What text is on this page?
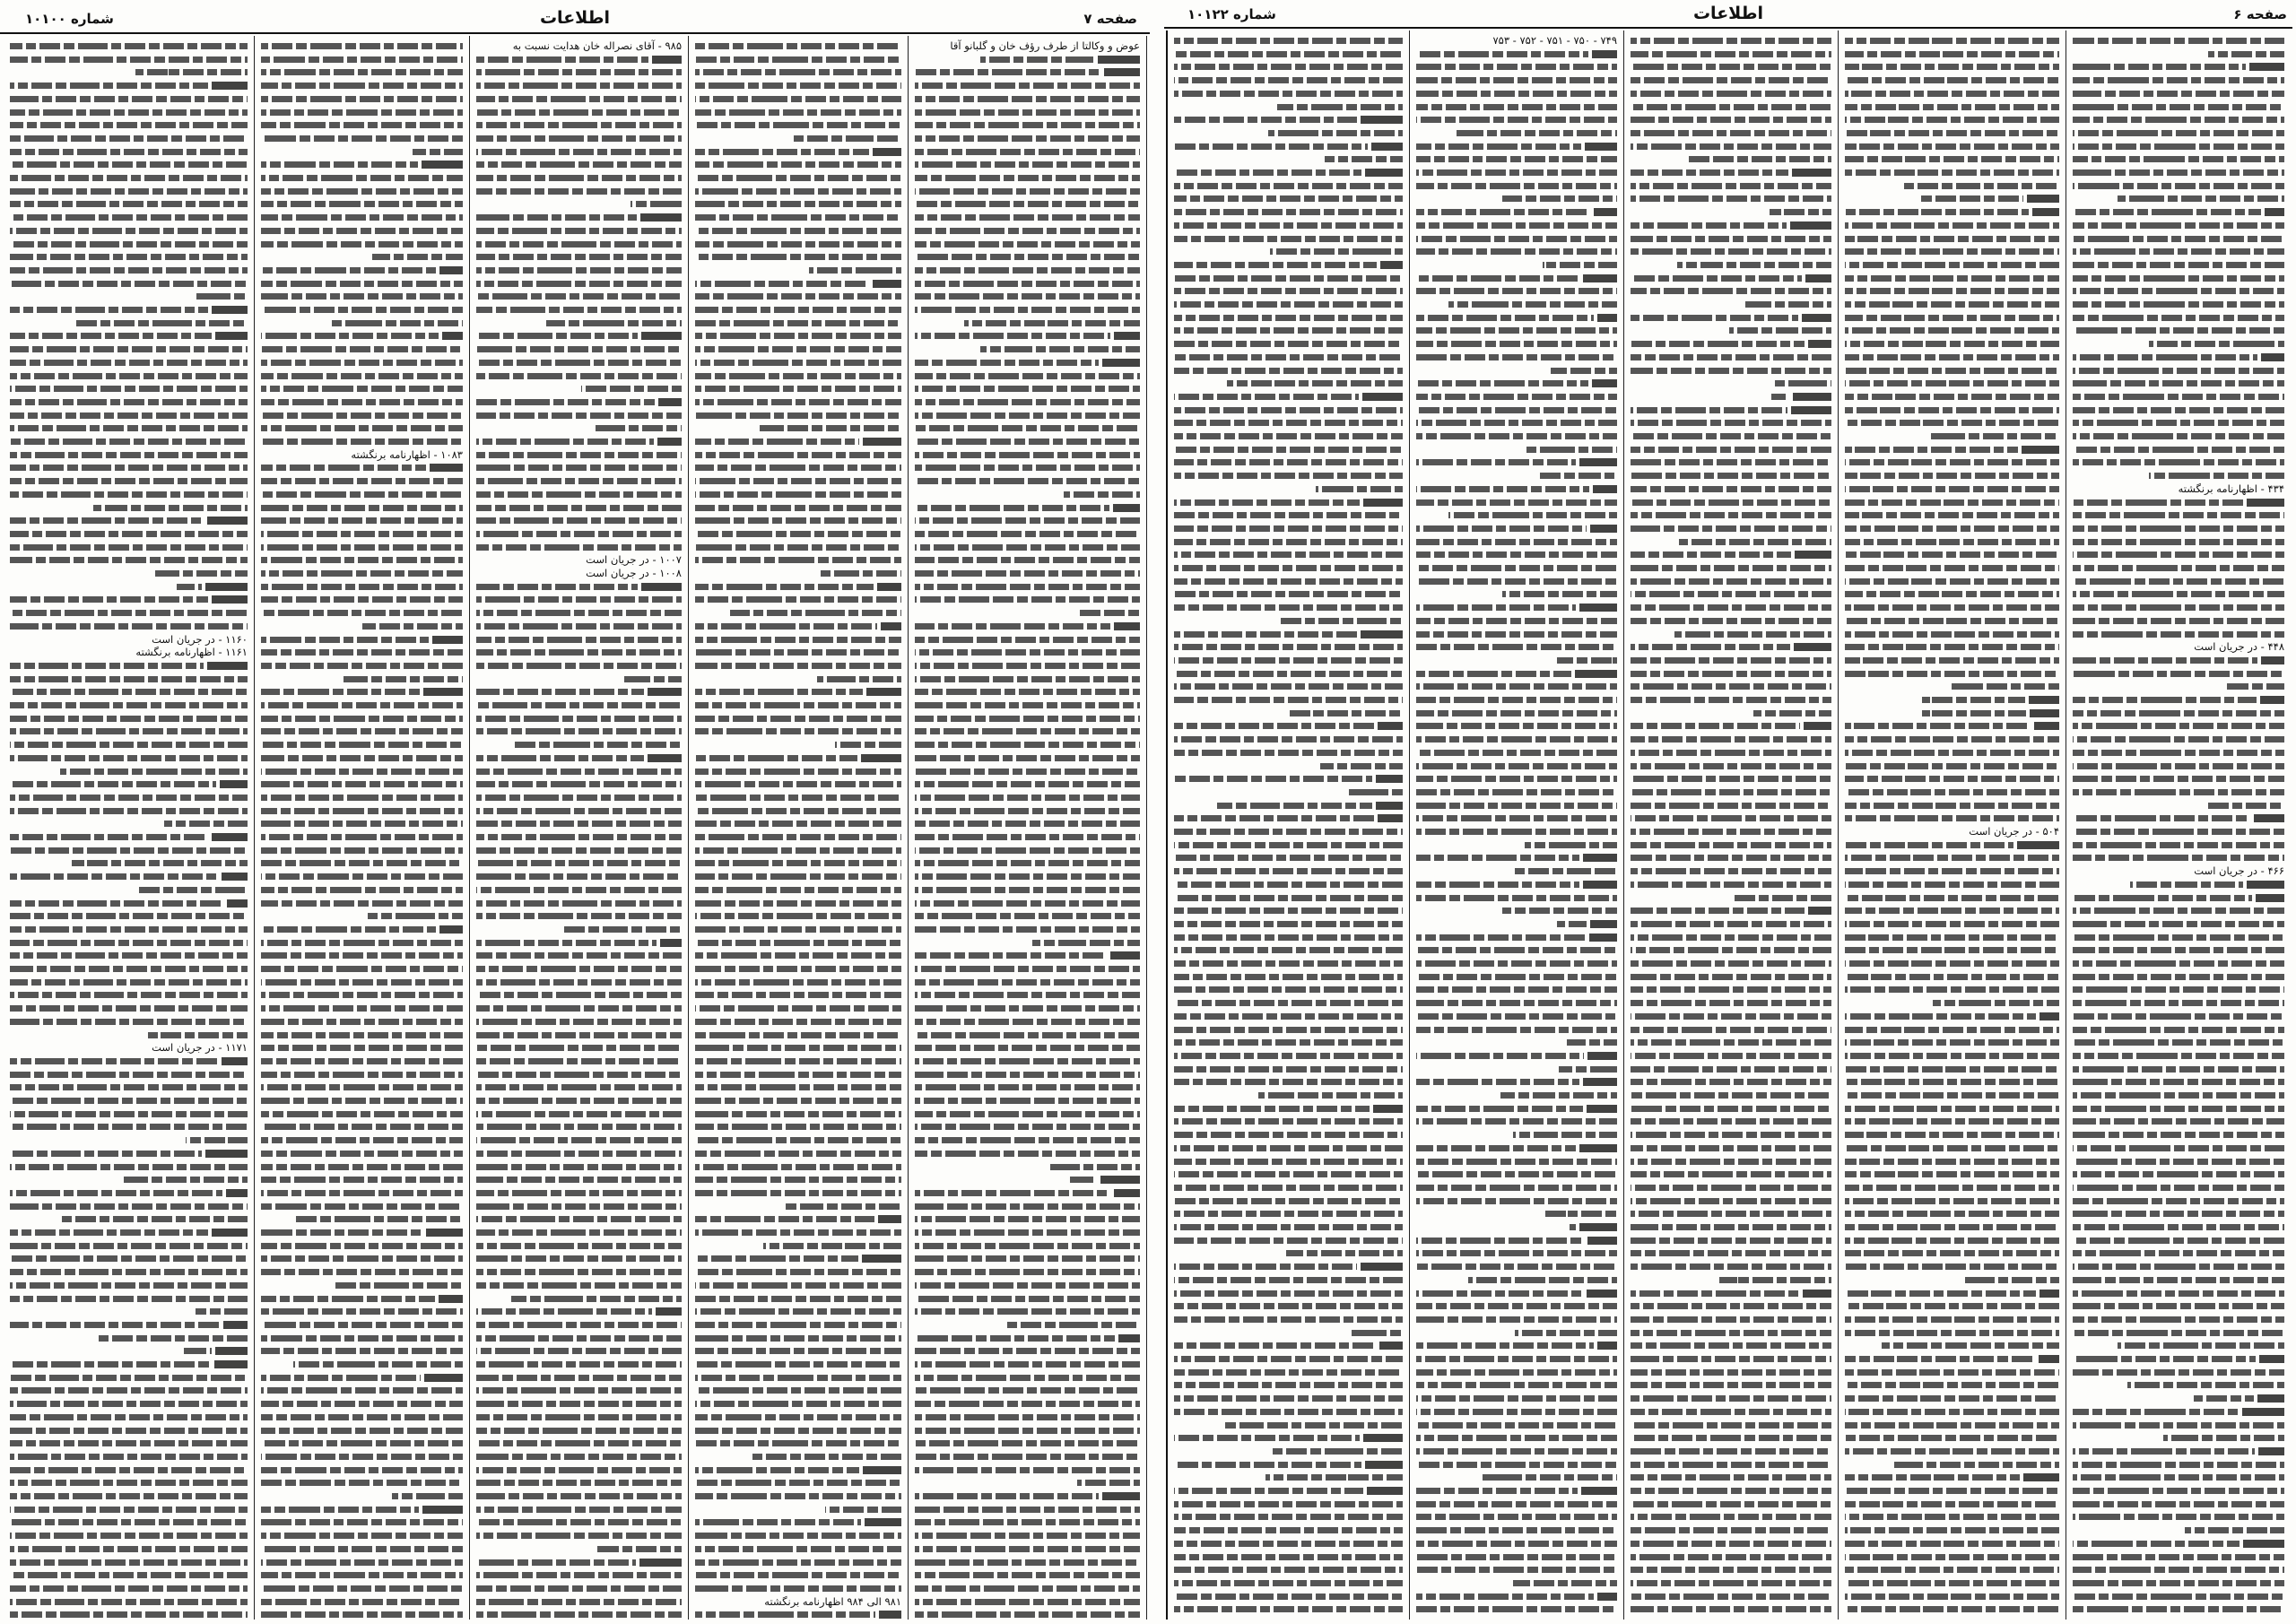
شماره ۱۰۱۰۰	اطلاعات	صفحه ۷
۱۱۶۰ - در جریان است
۱۱۶۱ - اظهارنامه برنگشته
۱۱۷۱ - در جریان است
۱۰۸۳ - اظهارنامه برنگشته
۹۸۵ - آقای نصراله خان هدایت نسبت به
۱۰۰۷ - در جریان است
۱۰۰۸ - در جریان است
۹۸۱ الی ۹۸۴ اظهارنامه برنگشته
عوض و وکالتا از طرف رؤف خان و گلبانو آقا
شماره ۱۰۱۲۲	اطلاعات	صفحه ۶
۷۴۹ - ۷۵۰ - ۷۵۱ - ۷۵۲ - ۷۵۳
۵۰۴ - در جریان است
۴۳۴ - اظهارنامه برنگشته
۴۴۸ - در جریان است
۴۶۶ - در جریان است
